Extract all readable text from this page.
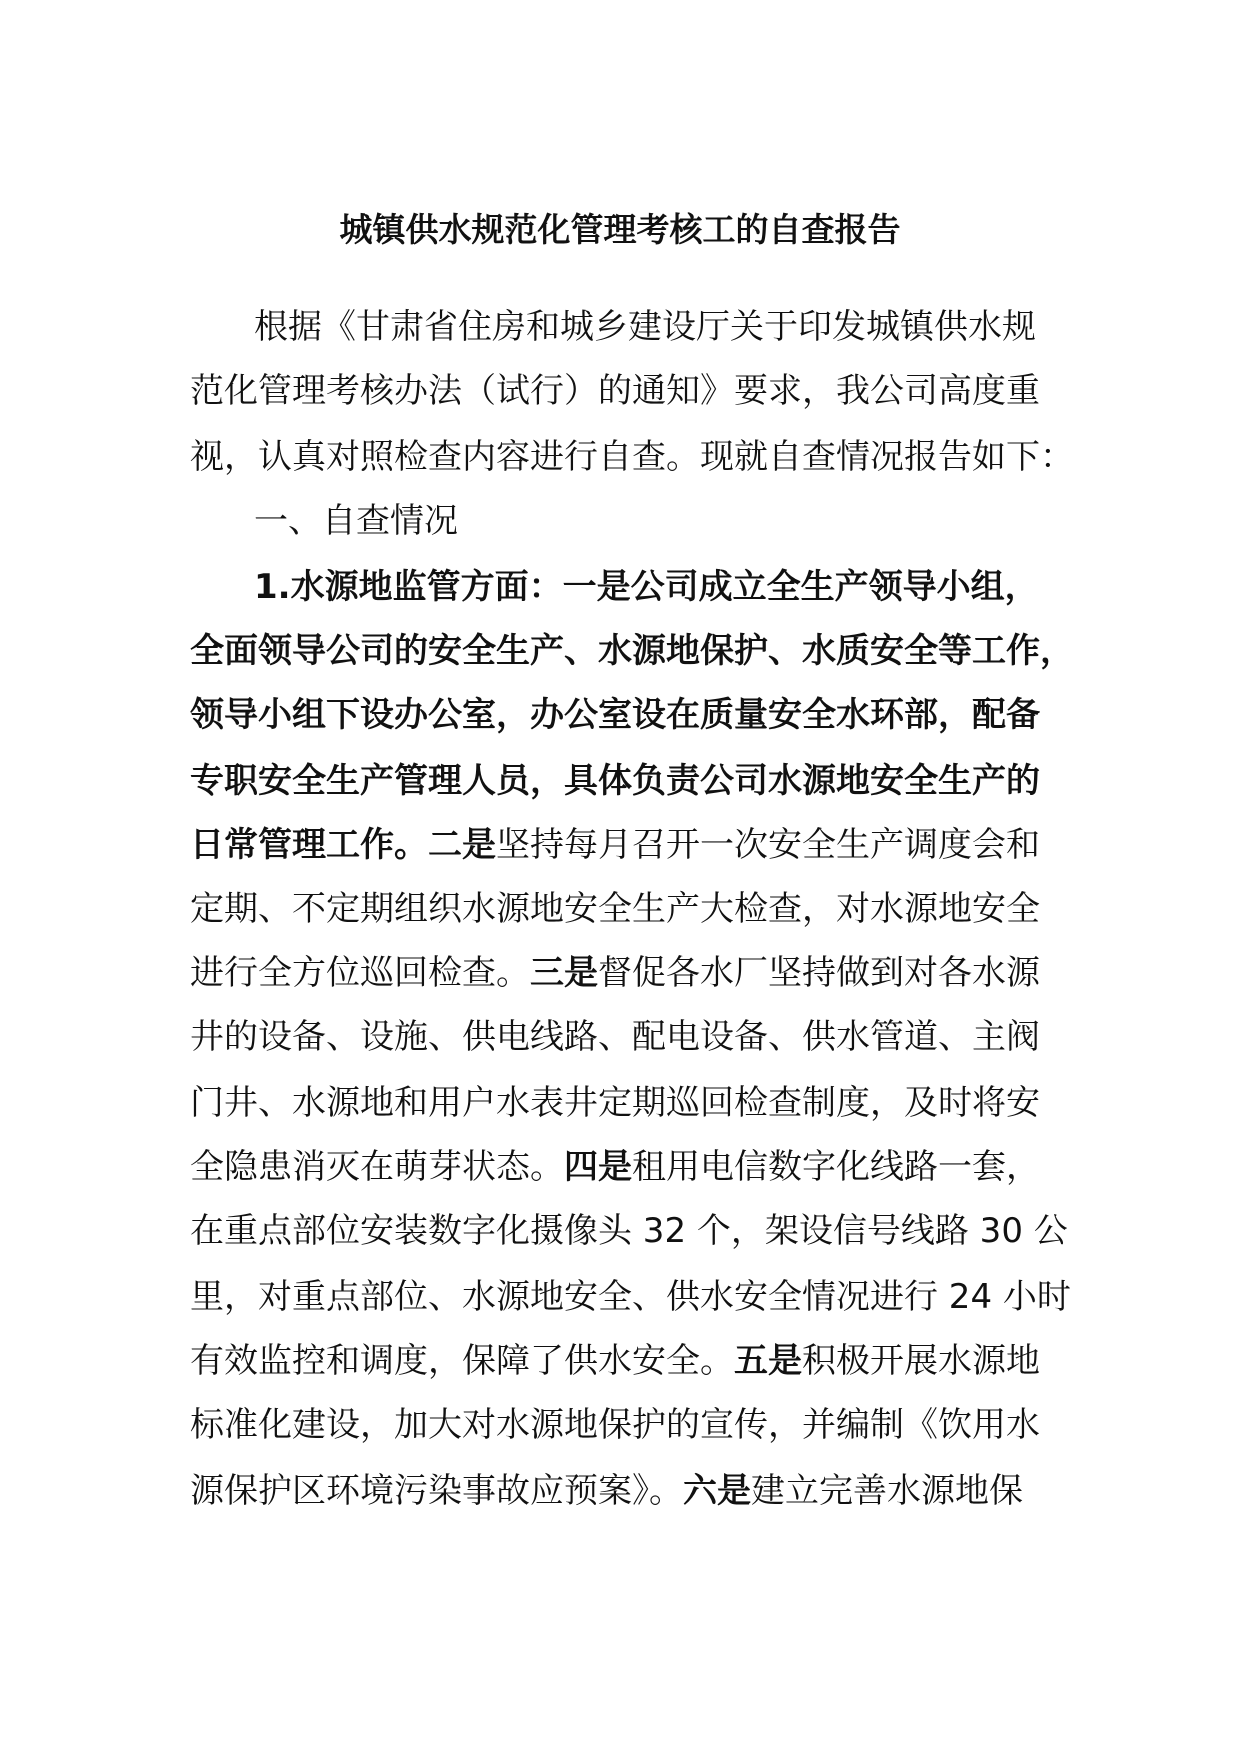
城镇供水规范化管理考核工的自查报告
根据《甘肃省住房和城乡建设厅关于印发城镇供水规
范化管理考核办法（试行）的通知》要求，我公司高度重
视，认真对照检查内容进行自查。现就自查情况报告如下：
一、自查情况
1.水源地监管方面：一是公司成立全生产领导小组，
全面领导公司的安全生产、水源地保护、水质安全等工作，
领导小组下设办公室，办公室设在质量安全水环部，配备
专职安全生产管理人员，具体负责公司水源地安全生产的
日常管理工作。二是坚持每月召开一次安全生产调度会和
定期、不定期组织水源地安全生产大检查，对水源地安全
进行全方位巡回检查。三是督促各水厂坚持做到对各水源
井的设备、设施、供电线路、配电设备、供水管道、主阀
门井、水源地和用户水表井定期巡回检查制度，及时将安
全隐患消灭在萌芽状态。四是租用电信数字化线路一套，
在重点部位安装数字化摄像头 32 个，架设信号线路 30 公
里，对重点部位、水源地安全、供水安全情况进行 24 小时
有效监控和调度，保障了供水安全。五是积极开展水源地
标准化建设，加大对水源地保护的宣传，并编制《饮用水
源保护区环境污染事故应预案》。六是建立完善水源地保
